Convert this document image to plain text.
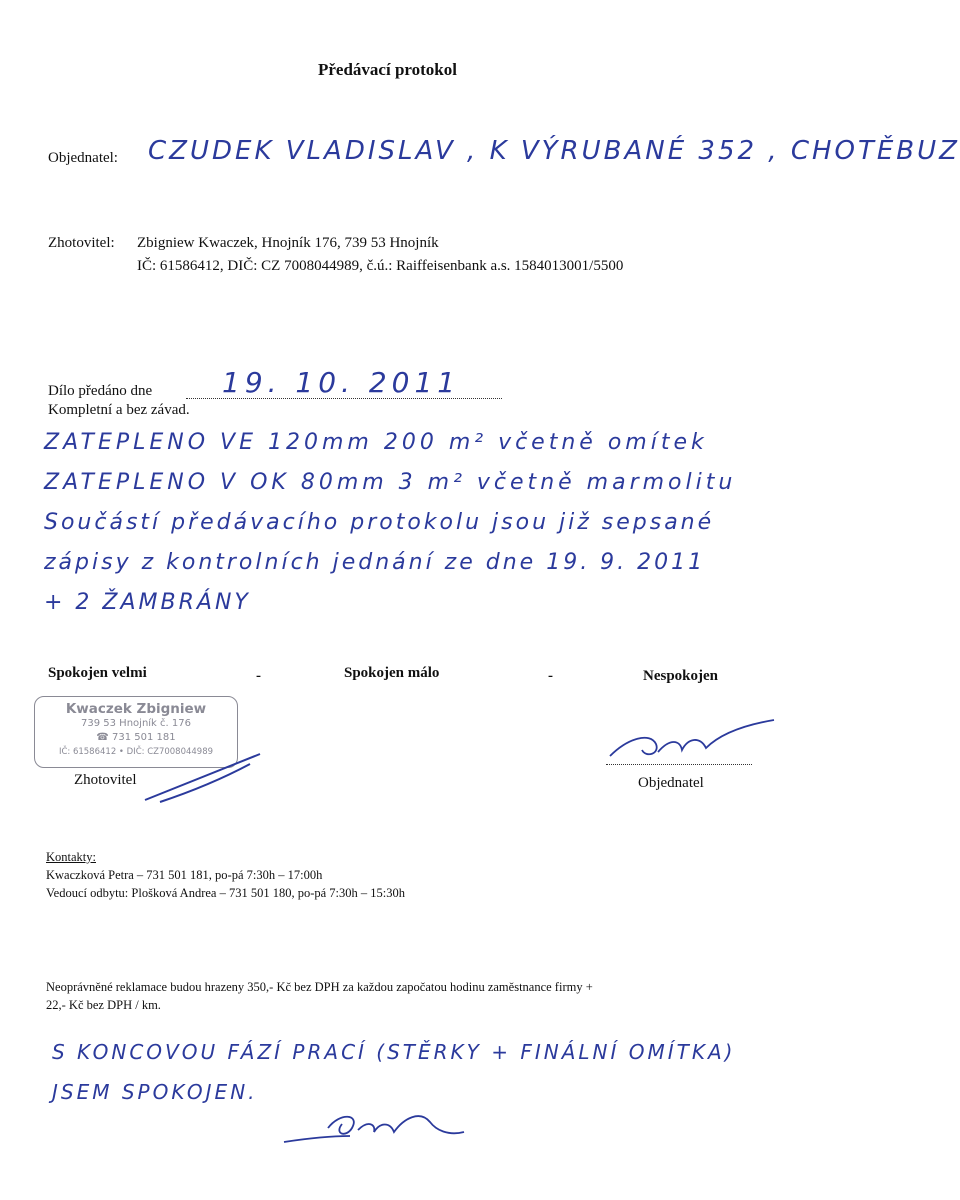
Předávací protokol
Objednatel: CZUDEK VLADISLAV , K VÝRUBANÉ 352 , CHOTĚBUZ
Zhotovitel: Zbigniew Kwaczek, Hnojník 176, 739 53 Hnojník
IČ: 61586412, DIČ: CZ 7008044989, č.ú.: Raiffeisenbank a.s. 1584013001/5500
Dílo předáno dne 19. 10. 2011
Kompletní a bez závad.
ZATEPLENO VE 120mm 200 m² včetně omítek
ZATEPLENO V OK 80mm 3 m² včetně marmolitu
Součástí předávacího protokolu jsou již sepsané
zápisy z kontrolních jednání ze dne 19. 9. 2011
+ 2 ŽAMBRÁNY
Spokojen velmi	-	Spokojen málo	-	Nespokojen
Kwaczek Zbigniew
739 53 Hnojník č. 176
☎ 731 501 181
IČ: 61586412 • DIČ: CZ7008044989
Zhotovitel	Objednatel
Kontakty:
Kwaczková Petra – 731 501 181, po-pá 7:30h – 17:00h
Vedoucí odbytu: Plošková Andrea – 731 501 180, po-pá 7:30h – 15:30h
Neoprávněné reklamace budou hrazeny 350,- Kč bez DPH za každou započatou hodinu zaměstnance firmy +
22,- Kč bez DPH / km.
S KONCOVOU FÁZÍ PRACÍ (STĚRKY + FINÁLNÍ OMÍTKA)
JSEM SPOKOJEN.
